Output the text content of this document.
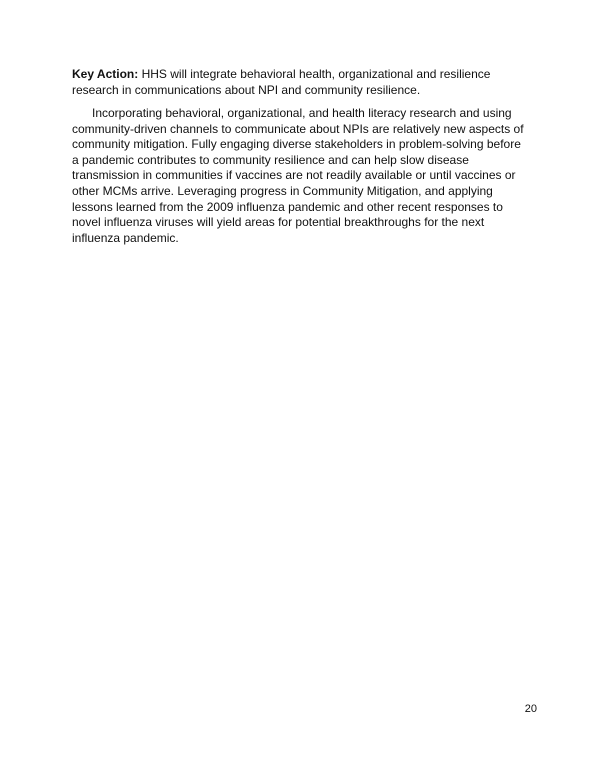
Key Action: HHS will integrate behavioral health, organizational and resilience research in communications about NPI and community resilience.

Incorporating behavioral, organizational, and health literacy research and using community-driven channels to communicate about NPIs are relatively new aspects of community mitigation. Fully engaging diverse stakeholders in problem-solving before a pandemic contributes to community resilience and can help slow disease transmission in communities if vaccines are not readily available or until vaccines or other MCMs arrive. Leveraging progress in Community Mitigation, and applying lessons learned from the 2009 influenza pandemic and other recent responses to novel influenza viruses will yield areas for potential breakthroughs for the next influenza pandemic.

20
